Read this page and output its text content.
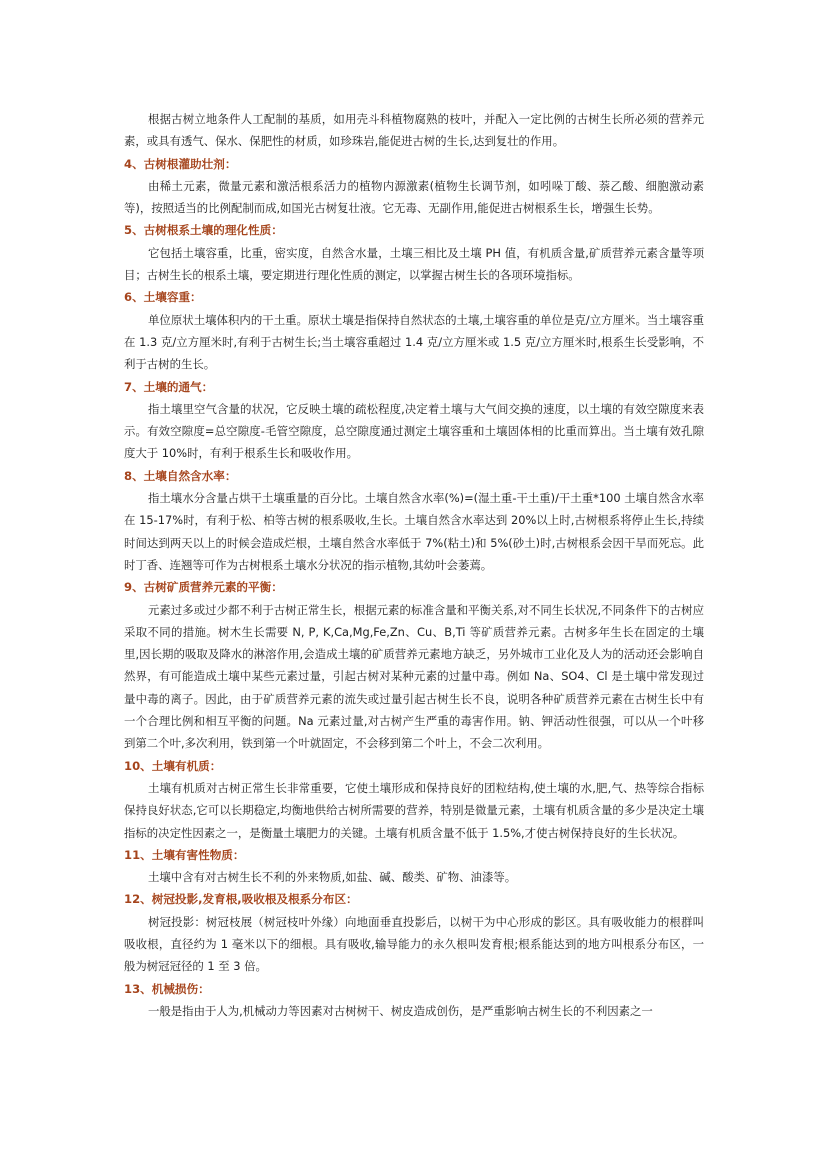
根据古树立地条件人工配制的基质，如用壳斗科植物腐熟的枝叶，并配入一定比例的古树生长所必须的营养元素，或具有透气、保水、保肥性的材质，如珍珠岩,能促进古树的生长,达到复壮的作用。
4、古树根灌助壮剂：
由稀土元素，微量元素和激活根系活力的植物内源激素(植物生长调节剂，如吲哚丁酸、萘乙酸、细胞激动素等)，按照适当的比例配制而成,如国光古树复壮液。它无毒、无副作用,能促进古树根系生长，增强生长势。
5、古树根系土壤的理化性质：
它包括土壤容重，比重，密实度，自然含水量，土壤三相比及土壤 PH 值，有机质含量,矿质营养元素含量等项目；古树生长的根系土壤，要定期进行理化性质的测定，以掌握古树生长的各项环境指标。
6、土壤容重：
单位原状土壤体积内的干土重。原状土壤是指保持自然状态的土壤,土壤容重的单位是克/立方厘米。当土壤容重在 1.3 克/立方厘米时,有利于古树生长;当土壤容重超过 1.4 克/立方厘米或 1.5 克/立方厘米时,根系生长受影响，不利于古树的生长。
7、土壤的通气：
指土壤里空气含量的状况，它反映土壤的疏松程度,决定着土壤与大气间交换的速度，以土壤的有效空隙度来表示。有效空隙度=总空隙度-毛管空隙度，总空隙度通过测定土壤容重和土壤固体相的比重而算出。当土壤有效孔隙度大于 10%时，有利于根系生长和吸收作用。
8、土壤自然含水率：
指土壤水分含量占烘干土壤重量的百分比。土壤自然含水率(%)=(湿土重-干土重)/干土重*100 土壤自然含水率在 15-17%时，有利于松、柏等古树的根系吸收,生长。土壤自然含水率达到 20%以上时,古树根系将停止生长,持续时间达到两天以上的时候会造成烂根，土壤自然含水率低于 7%(粘土)和 5%(砂土)时,古树根系会因干旱而死忘。此时丁香、连翘等可作为古树根系土壤水分状况的指示植物,其幼叶会萎蔫。
9、古树矿质营养元素的平衡：
元素过多或过少都不利于古树正常生长，根据元素的标准含量和平衡关系,对不同生长状况,不同条件下的古树应采取不同的措施。树木生长需要 N, P, K,Ca,Mg,Fe,Zn、Cu、B,Ti 等矿质营养元素。古树多年生长在固定的土壤里,因长期的吸取及降水的淋溶作用,会造成土壤的矿质营养元素地方缺乏，另外城市工业化及人为的活动还会影响自然界，有可能造成土壤中某些元素过量，引起古树对某种元素的过量中毒。例如 Na、SO4、Cl 是土壤中常发现过量中毒的离子。因此，由于矿质营养元素的流失或过量引起古树生长不良，说明各种矿质营养元素在古树生长中有一个合理比例和相互平衡的问题。Na 元素过量,对古树产生严重的毒害作用。钠、钾活动性很强，可以从一个叶移到第二个叶,多次利用，铁到第一个叶就固定，不会移到第二个叶上，不会二次利用。
10、土壤有机质：
土壤有机质对古树正常生长非常重要，它使土壤形成和保持良好的团粒结构,使土壤的水,肥,气、热等综合指标保持良好状态,它可以长期稳定,均衡地供给古树所需要的营养，特别是微量元素，土壤有机质含量的多少是决定土壤指标的决定性因素之一，是衡量土壤肥力的关键。土壤有机质含量不低于 1.5%,才使古树保持良好的生长状况。
11、土壤有害性物质：
土壤中含有对古树生长不利的外来物质,如盐、碱、酸类、矿物、油漆等。
12、树冠投影,发育根,吸收根及根系分布区：
树冠投影：树冠枝展（树冠枝叶外缘）向地面垂直投影后，以树干为中心形成的影区。具有吸收能力的根群叫吸收根，直径约为 1 毫米以下的细根。具有吸收,输导能力的永久根叫发育根;根系能达到的地方叫根系分布区，一般为树冠冠径的 1 至 3 倍。
13、机械损伤：
一般是指由于人为,机械动力等因素对古树树干、树皮造成创伤，是严重影响古树生长的不利因素之一
